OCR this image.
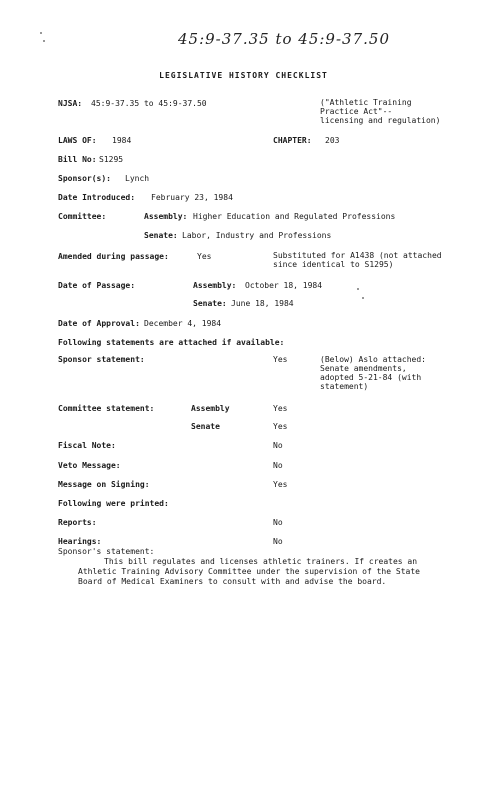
45:9-37.35 to 45:9-37.50
LEGISLATIVE HISTORY CHECKLIST
NJSA: 45:9-37.35 to 45:9-37.50	("Athletic Training
Practice Act"--
licensing and regulation)
LAWS OF: 1984	CHAPTER: 203
Bill No: S1295
Sponsor(s): Lynch
Date Introduced: February 23, 1984
Committee:	Assembly: Higher Education and Regulated Professions
Senate: Labor, Industry and Professions
Amended during passage:	Yes	Substituted for A1438 (not attached
since identical to S1295)
Date of Passage:	Assembly: October 18, 1984
Senate: June 18, 1984
Date of Approval: December 4, 1984
Following statements are attached if available:
Sponsor statement:	Yes	(Below) Aslo attached:
Senate amendments,
adopted 5-21-84 (with
statement)
Committee statement:	Assembly	Yes
Senate	Yes
Fiscal Note:	No
Veto Message:	No
Message on Signing:	Yes
Following were printed:
Reports:	No
Hearings:	No
Sponsor's statement:
This bill regulates and licenses athletic trainers. If creates an Athletic Training Advisory Committee under the supervision of the State Board of Medical Examiners to consult with and advise the board.
